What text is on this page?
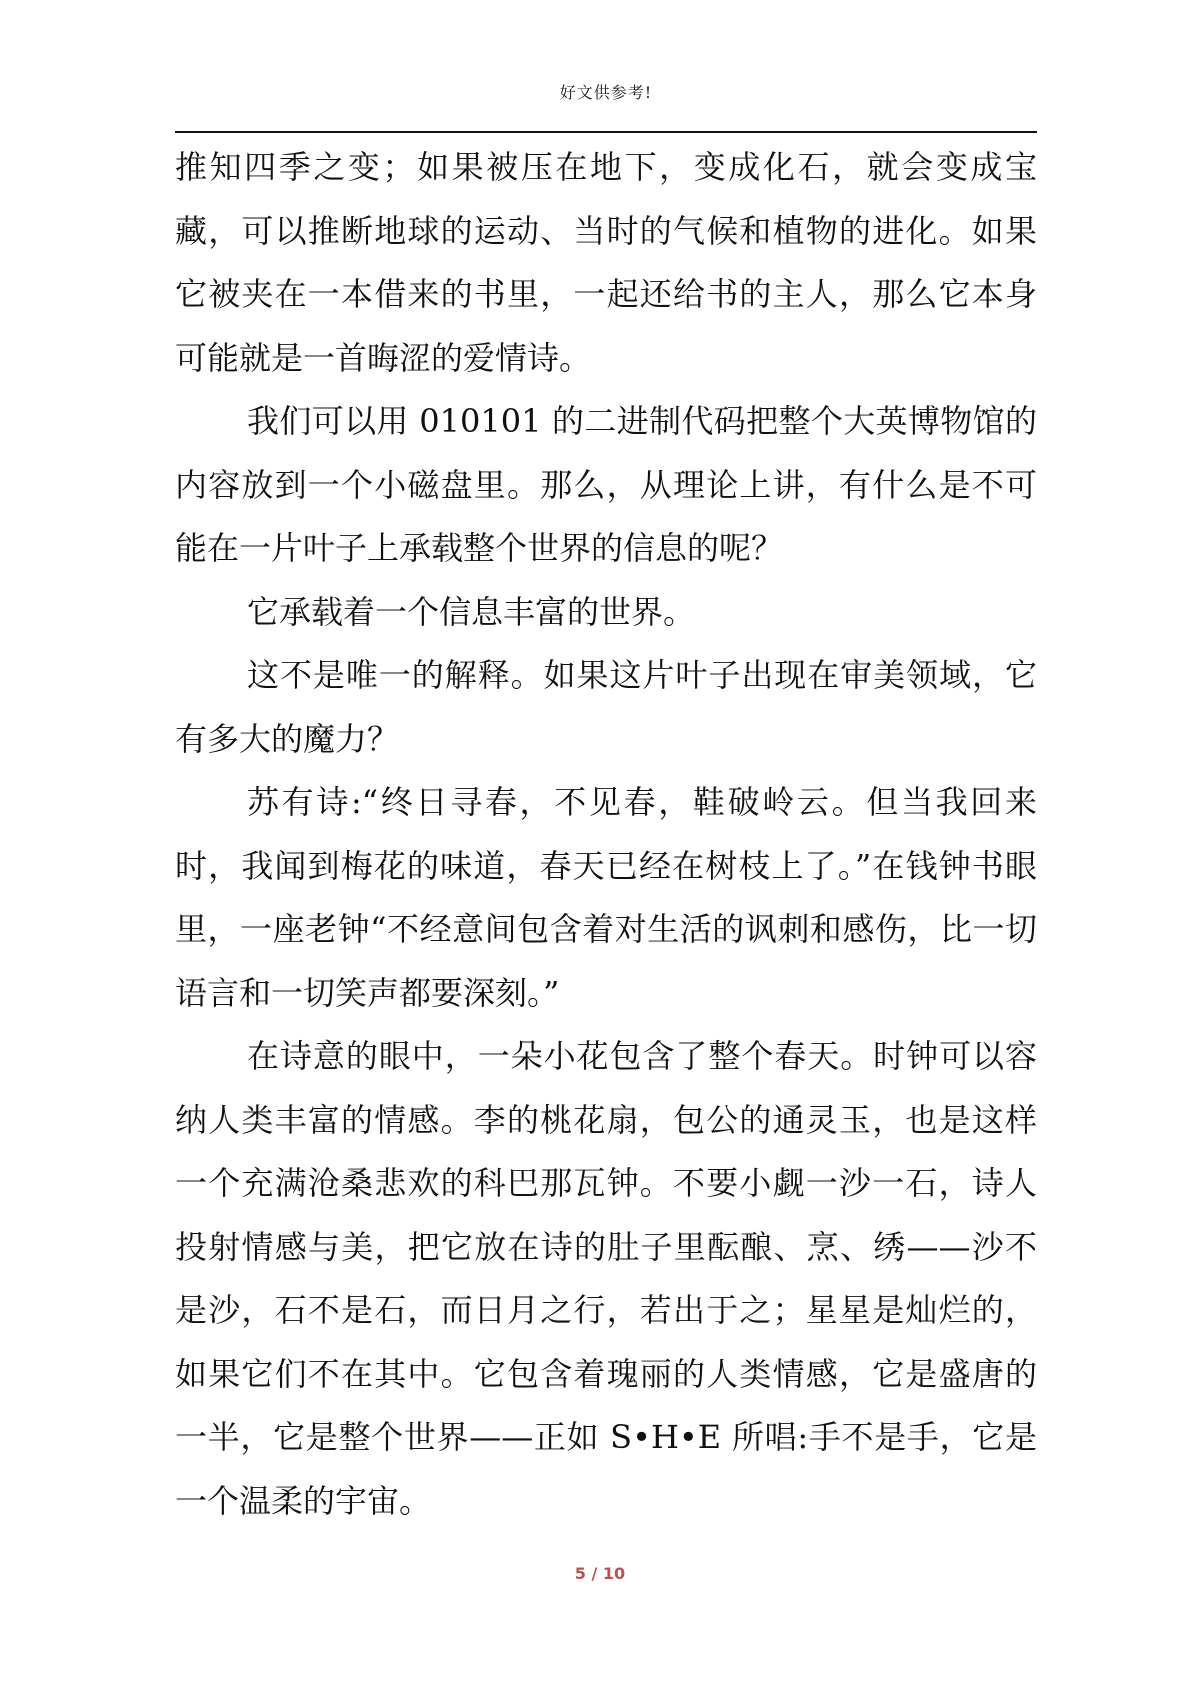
好文供参考!

推知四季之变；如果被压在地下，变成化石，就会变成宝藏，可以推断地球的运动、当时的气候和植物的进化。如果它被夹在一本借来的书里，一起还给书的主人，那么它本身可能就是一首晦涩的爱情诗。

我们可以用 010101 的二进制代码把整个大英博物馆的内容放到一个小磁盘里。那么，从理论上讲，有什么是不可能在一片叶子上承载整个世界的信息的呢？

它承载着一个信息丰富的世界。

这不是唯一的解释。如果这片叶子出现在审美领域，它有多大的魔力？

苏有诗:“终日寻春，不见春，鞋破岭云。但当我回来时，我闻到梅花的味道，春天已经在树枝上了。”在钱钟书眼里，一座老钟“不经意间包含着对生活的讽刺和感伤，比一切语言和一切笑声都要深刻。”

在诗意的眼中，一朵小花包含了整个春天。时钟可以容纳人类丰富的情感。李的桃花扇，包公的通灵玉，也是这样一个充满沧桑悲欢的科巴那瓦钟。不要小觑一沙一石，诗人投射情感与美，把它放在诗的肚子里酝酿、烹、绣——沙不是沙，石不是石，而日月之行，若出于之；星星是灿烂的，如果它们不在其中。它包含着瑰丽的人类情感，它是盛唐的一半，它是整个世界——正如 S•H•E 所唱:手不是手，它是一个温柔的宇宙。

5 / 10
